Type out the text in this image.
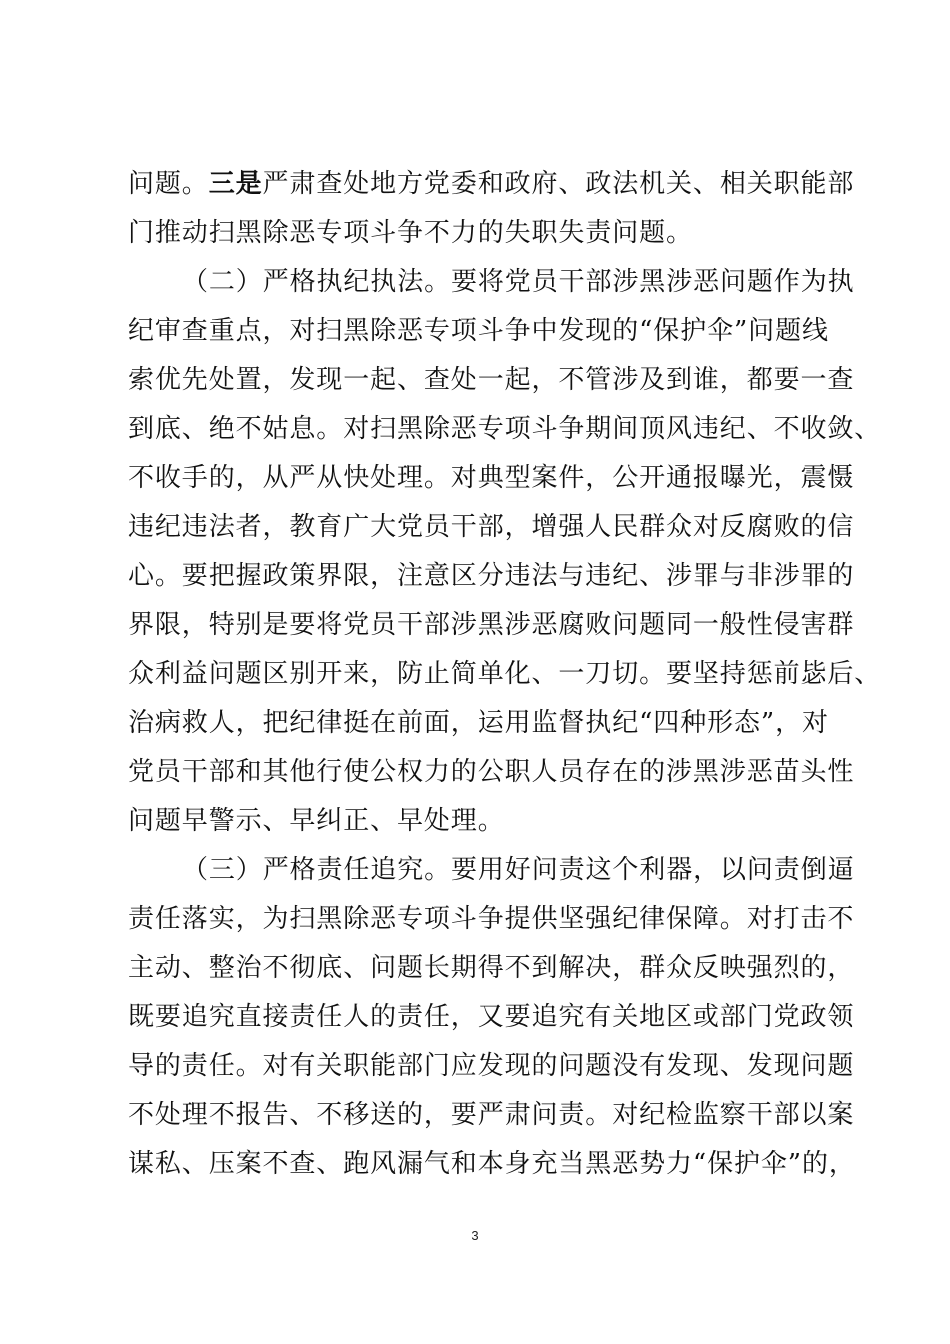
问题。三是严肃查处地方党委和政府、政法机关、相关职能部
门推动扫黑除恶专项斗争不力的失职失责问题。
（二）严格执纪执法。要将党员干部涉黑涉恶问题作为执
纪审查重点，对扫黑除恶专项斗争中发现的“保护伞”问题线
索优先处置，发现一起、查处一起，不管涉及到谁，都要一查
到底、绝不姑息。对扫黑除恶专项斗争期间顶风违纪、不收敛、
不收手的，从严从快处理。对典型案件，公开通报曝光，震慑
违纪违法者，教育广大党员干部，增强人民群众对反腐败的信
心。要把握政策界限，注意区分违法与违纪、涉罪与非涉罪的
界限，特别是要将党员干部涉黑涉恶腐败问题同一般性侵害群
众利益问题区别开来，防止简单化、一刀切。要坚持惩前毖后、
治病救人，把纪律挺在前面，运用监督执纪“四种形态”，对
党员干部和其他行使公权力的公职人员存在的涉黑涉恶苗头性
问题早警示、早纠正、早处理。
（三）严格责任追究。要用好问责这个利器，以问责倒逼
责任落实，为扫黑除恶专项斗争提供坚强纪律保障。对打击不
主动、整治不彻底、问题长期得不到解决，群众反映强烈的，
既要追究直接责任人的责任，又要追究有关地区或部门党政领
导的责任。对有关职能部门应发现的问题没有发现、发现问题
不处理不报告、不移送的，要严肃问责。对纪检监察干部以案
谋私、压案不查、跑风漏气和本身充当黑恶势力“保护伞”的，
3
